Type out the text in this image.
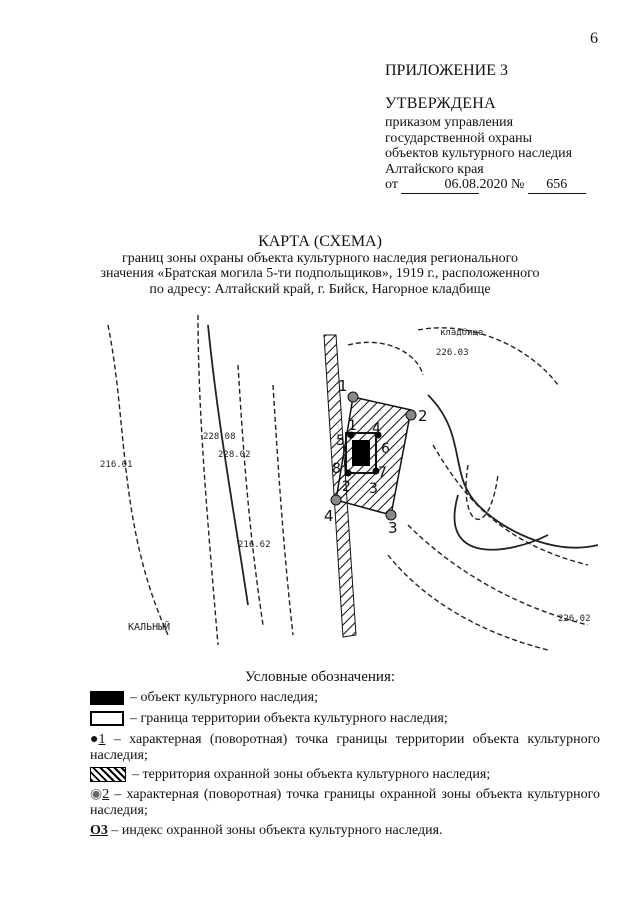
6
ПРИЛОЖЕНИЕ 3
УТВЕРЖДЕНА
приказом управления
государственной охраны
объектов культурного наследия
Алтайского края
от	06.08.2020 № 656
КАРТА (СХЕМА)
границ зоны охраны объекта культурного наследия регионального
значения «Братская могила 5-ти подпольщиков», 1919 г., расположенного
по адресу: Алтайский край, г. Бийск, Нагорное кладбище
1
2
3
4
1 4
7
8
5	6
2 3
228.08
228.02
216.01
216.62
226.03
226.02
КАЛЬНЫЙ
кладбище
Условные обозначения:
– объект культурного наследия;
– граница территории объекта культурного наследия;
●1 – характерная (поворотная) точка границы территории объекта культурного наследия;
– территория охранной зоны объекта культурного наследия;
◉2 – характерная (поворотная) точка границы охранной зоны объекта культурного наследия;
О3 – индекс охранной зоны объекта культурного наследия.
